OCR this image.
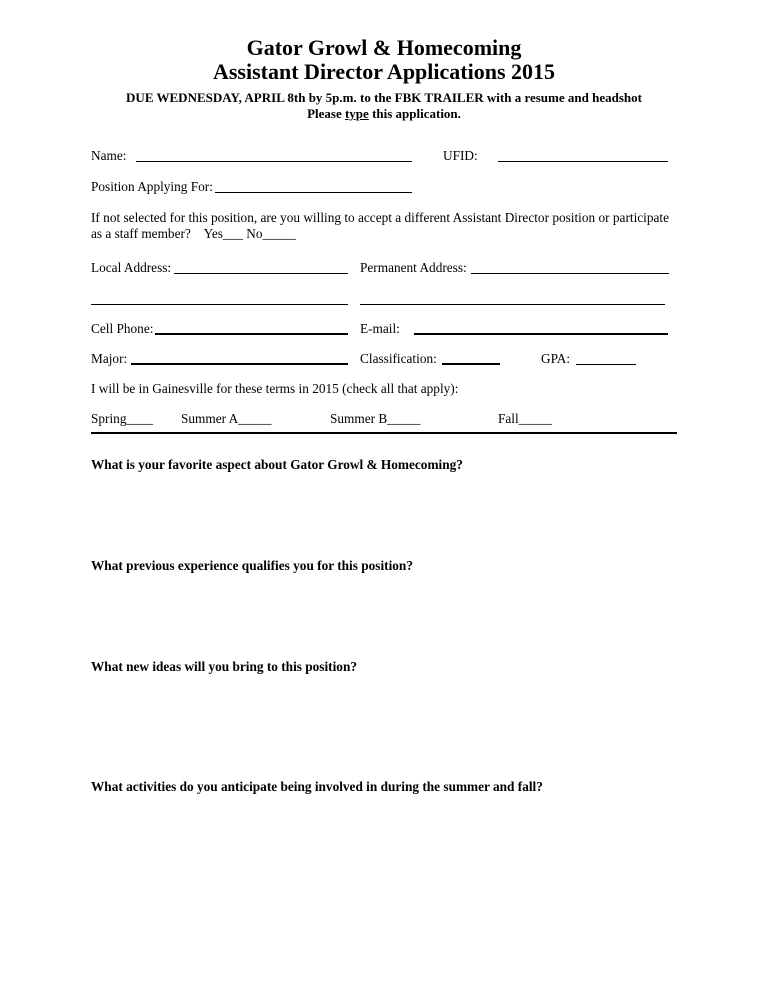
Gator Growl & Homecoming
Assistant Director Applications 2015
DUE WEDNESDAY, APRIL 8th by 5p.m. to the FBK TRAILER with a resume and headshot
Please type this application.
Name:	UFID:
Position Applying For:
If not selected for this position, are you willing to accept a different Assistant Director position or participate
as a staff member?    Yes___ No_____
Local Address:	Permanent Address:
Cell Phone:	E-mail:
Major:	Classification:	GPA:
I will be in Gainesville for these terms in 2015 (check all that apply):
Spring____ Summer A_____	Summer B_____	Fall_____
What is your favorite aspect about Gator Growl & Homecoming?
What previous experience qualifies you for this position?
What new ideas will you bring to this position?
What activities do you anticipate being involved in during the summer and fall?
